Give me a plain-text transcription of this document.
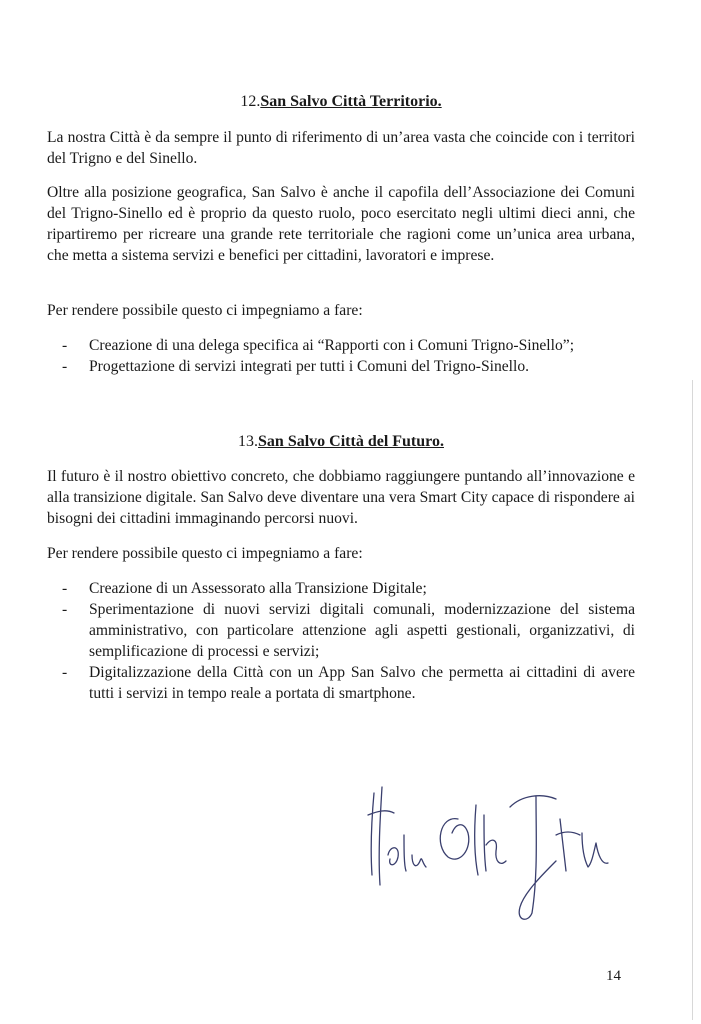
12.San Salvo Città Territorio.

La nostra Città è da sempre il punto di riferimento di un’area vasta che coincide con i territori del Trigno e del Sinello.

Oltre alla posizione geografica, San Salvo è anche il capofila dell’Associazione dei Comuni del Trigno-Sinello ed è proprio da questo ruolo, poco esercitato negli ultimi dieci anni, che ripartiremo per ricreare una grande rete territoriale che ragioni come un’unica area urbana, che metta a sistema servizi e benefici per cittadini, lavoratori e imprese.

Per rendere possibile questo ci impegniamo a fare:

- Creazione di una delega specifica ai “Rapporti con i Comuni Trigno-Sinello”;
- Progettazione di servizi integrati per tutti i Comuni del Trigno-Sinello.

13.San Salvo Città del Futuro.

Il futuro è il nostro obiettivo concreto, che dobbiamo raggiungere puntando all’innovazione e alla transizione digitale. San Salvo deve diventare una vera Smart City capace di rispondere ai bisogni dei cittadini immaginando percorsi nuovi.

Per rendere possibile questo ci impegniamo a fare:

- Creazione di un Assessorato alla Transizione Digitale;
- Sperimentazione di nuovi servizi digitali comunali, modernizzazione del sistema amministrativo, con particolare attenzione agli aspetti gestionali, organizzativi, di semplificazione di processi e servizi;
- Digitalizzazione della Città con un App San Salvo che permetta ai cittadini di avere tutti i servizi in tempo reale a portata di smartphone.
14
